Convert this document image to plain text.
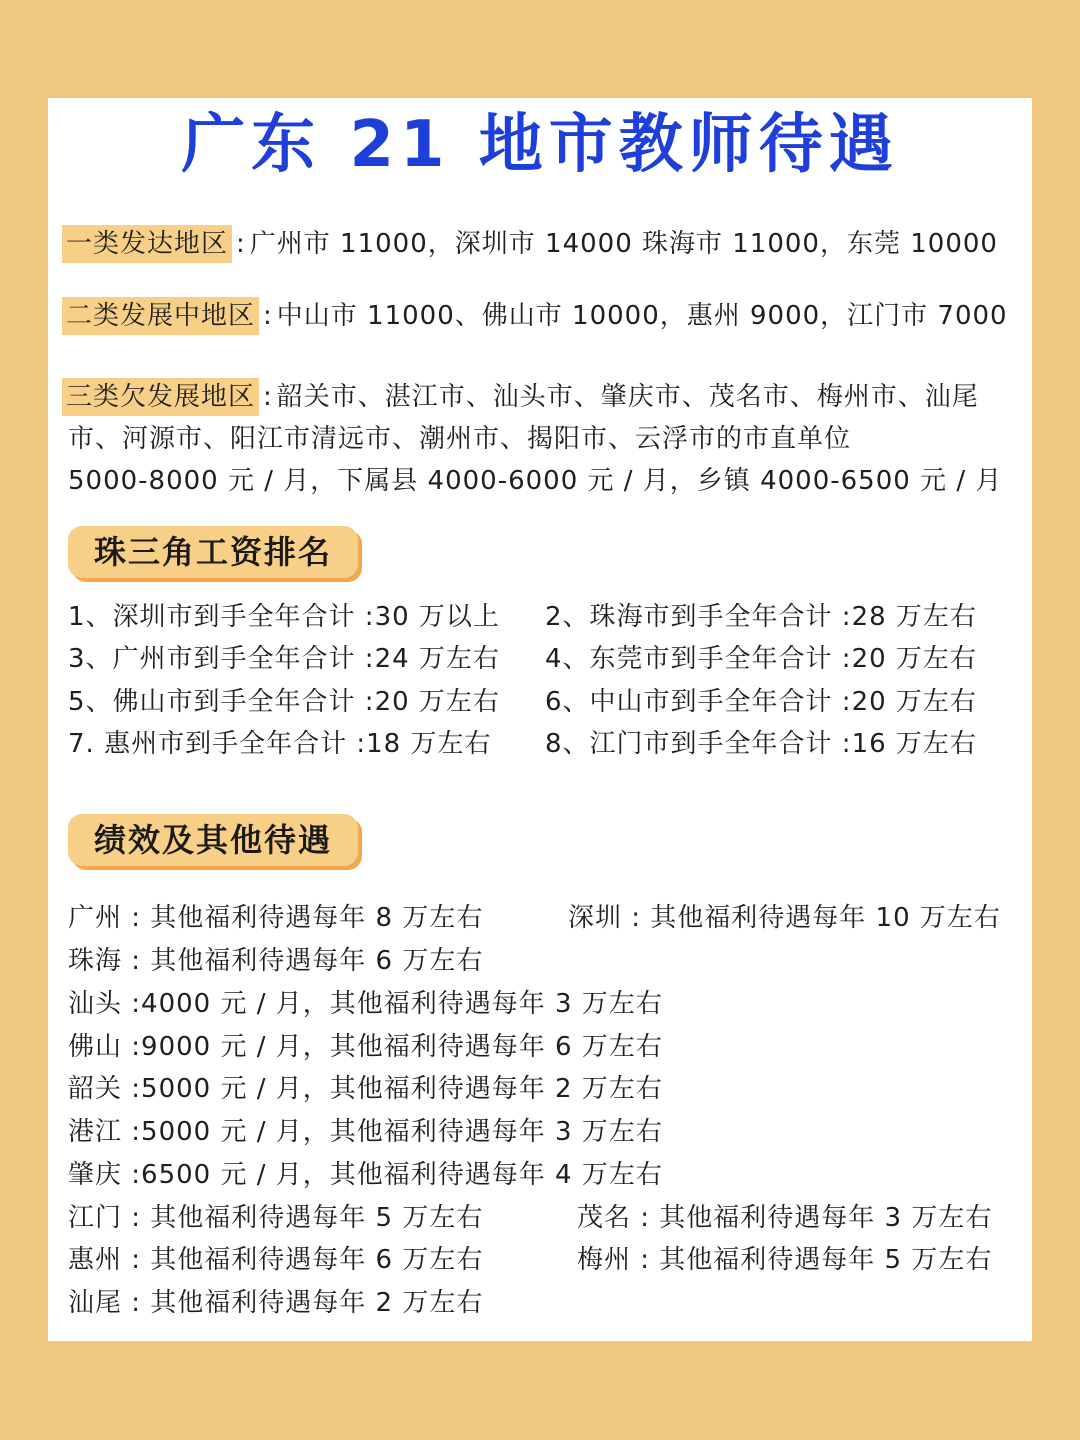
广东 21 地市教师待遇
一类发达地区 : 广州市 11000，深圳市 14000 珠海市 11000，东莞 10000
二类发展中地区 : 中山市 11000、佛山市 10000，惠州 9000，江门市 7000
三类欠发展地区 : 韶关市、湛江市、汕头市、肇庆市、茂名市、梅州市、汕尾
市、河源市、阳江市清远市、潮州市、揭阳市、云浮市的市直单位
5000-8000 元 / 月，下属县 4000-6000 元 / 月，乡镇 4000-6500 元 / 月
珠三角工资排名
1、深圳市到手全年合计 :30 万以上 2、珠海市到手全年合计 :28 万左右
3、广州市到手全年合计 :24 万左右 4、东莞市到手全年合计 :20 万左右
5、佛山市到手全年合计 :20 万左右 6、中山市到手全年合计 :20 万左右
7. 惠州市到手全年合计 :18 万左右 8、江门市到手全年合计 :16 万左右
绩效及其他待遇
广州 : 其他福利待遇每年 8 万左右	深圳 : 其他福利待遇每年 10 万左右
珠海 : 其他福利待遇每年 6 万左右
汕头 :4000 元 / 月，其他福利待遇每年 3 万左右
佛山 :9000 元 / 月，其他福利待遇每年 6 万左右
韶关 :5000 元 / 月，其他福利待遇每年 2 万左右
港江 :5000 元 / 月，其他福利待遇每年 3 万左右
肇庆 :6500 元 / 月，其他福利待遇每年 4 万左右
江门 : 其他福利待遇每年 5 万左右	茂名 : 其他福利待遇每年 3 万左右
惠州 : 其他福利待遇每年 6 万左右	梅州 : 其他福利待遇每年 5 万左右
汕尾 : 其他福利待遇每年 2 万左右
